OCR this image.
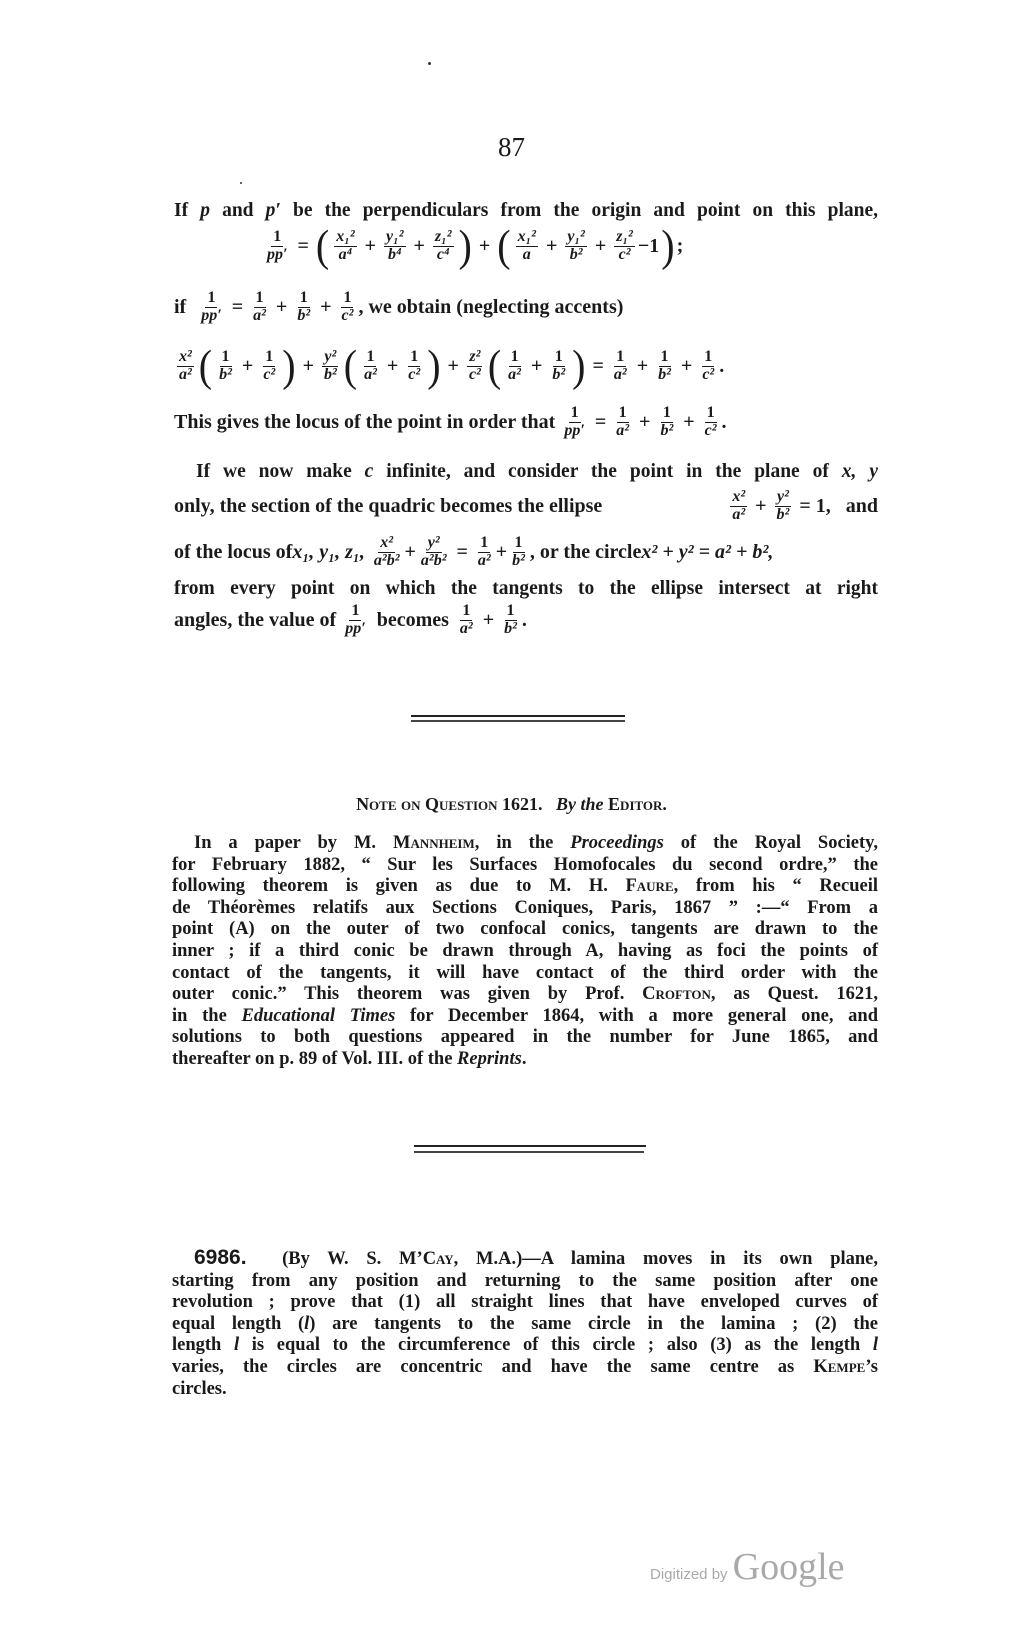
87
If p and p′ be the perpendiculars from the origin and point on this plane,
$\frac{1}{pp'}$ = ( $\frac{\text{x₁²}}{\text{a⁴}} + \frac{\text{y₁²}}{\text{b⁴}} + \frac{\text{z₁²}}{\text{c⁴}}$ ) + ( $\frac{\text{x₁²}}{a} + \frac{\text{y₁²}}{\text{b²}} + \frac{\text{z₁²}}{\text{c²}} -1$ ) ;
if $\frac{1}{pp'} = \frac{1}{\text{a²}} + \frac{1}{\text{b²}} + \frac{1}{\text{c²}}$ , we obtain (neglecting accents)
$\frac{\text{x²}}{\text{a²}}$ ( $\frac{1}{\text{b²}} + \frac{1}{\text{c²}}$ ) + $\frac{\text{y²}}{\text{b²}}$ ( $\frac{1}{\text{a²}} + \frac{1}{\text{c²}}$ ) + $\frac{\text{z²}}{\text{c²}}$ ( $\frac{1}{\text{a²}} + \frac{1}{\text{b²}}$ ) = $\frac{1}{\text{a²}} + \frac{1}{\text{b²}} + \frac{1}{\text{c²}}$ .
This gives the locus of the point in order that $\frac{1}{pp'} = \frac{1}{\text{a²}} + \frac{1}{\text{b²}} + \frac{1}{\text{c²}}$ .
If we now make c infinite, and consider the point in the plane of x, y
only, the section of the quadric becomes the ellipse	$\frac{\text{x²}}{\text{a²}} + \frac{\text{y²}}{\text{b²}} = 1$, and
of the locus of x₁, y₁, z₁, $\frac{\text{x²}}{\text{a²b²}} + \frac{\text{y²}}{\text{a²b²}} = \frac{1}{\text{a²}} + \frac{1}{\text{b²}}$ , or the circle x² + y² = a² + b²,
from every point on which the tangents to the ellipse intersect at right
angles, the value of $\frac{1}{pp'}$ becomes $\frac{1}{\text{a²}} + \frac{1}{\text{b²}}$ .
Note on Question 1621. By the Editor.
In a paper by M. Mannheim, in the Proceedings of the Royal Society,
for February 1882, “ Sur les Surfaces Homofocales du second ordre,” the
following theorem is given as due to M. H. Faure, from his “ Recueil
de Théorèmes relatifs aux Sections Coniques, Paris, 1867 ” :—“ From a
point (A) on the outer of two confocal conics, tangents are drawn to the
inner ; if a third conic be drawn through A, having as foci the points of
contact of the tangents, it will have contact of the third order with the
outer conic.” This theorem was given by Prof. Crofton, as Quest. 1621,
in the Educational Times for December 1864, with a more general one, and
solutions to both questions appeared in the number for June 1865, and
thereafter on p. 89 of Vol. III. of the Reprints.
6986. (By W. S. M’Cay, M.A.)—A lamina moves in its own plane,
starting from any position and returning to the same position after one
revolution ; prove that (1) all straight lines that have enveloped curves of
equal length (l) are tangents to the same circle in the lamina ; (2) the
length l is equal to the circumference of this circle ; also (3) as the length l
varies, the circles are concentric and have the same centre as Kempe’s
circles.
Digitized by Google
